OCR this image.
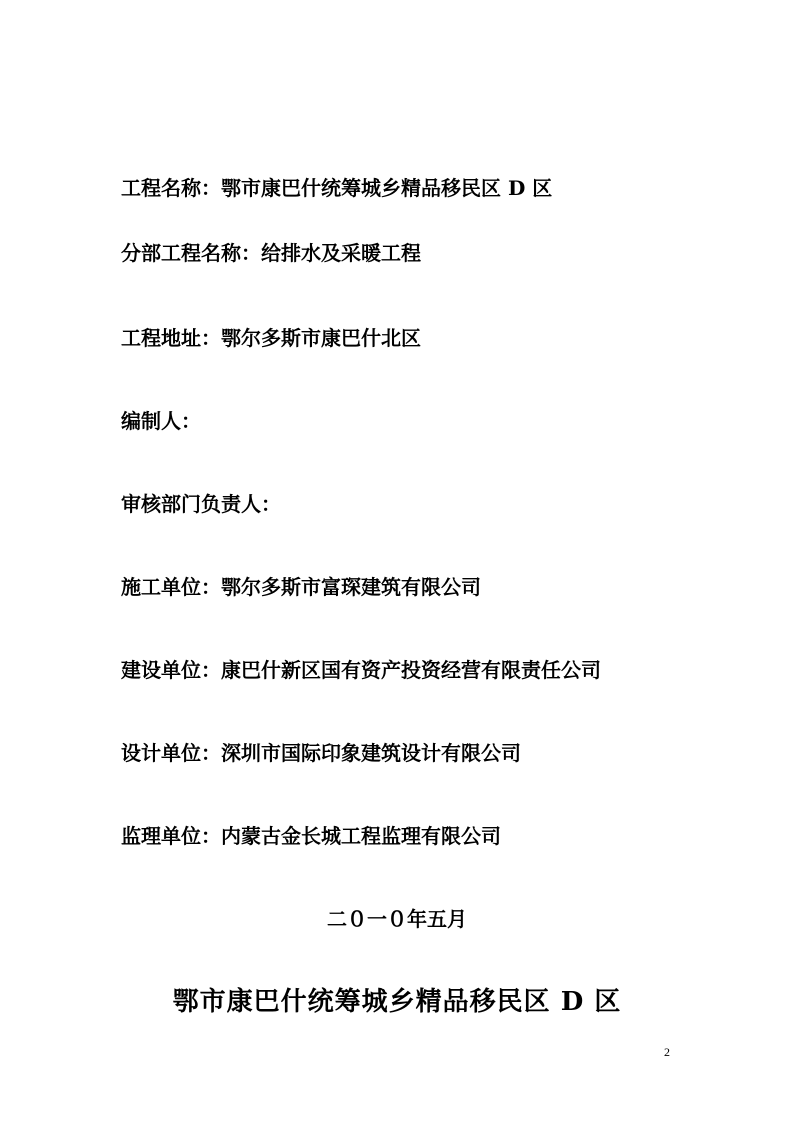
工程名称：鄂市康巴什统筹城乡精品移民区 D 区
分部工程名称：给排水及采暖工程
工程地址：鄂尔多斯市康巴什北区
编制人：
审核部门负责人：
施工单位：鄂尔多斯市富琛建筑有限公司
建设单位：康巴什新区国有资产投资经营有限责任公司
设计单位：深圳市国际印象建筑设计有限公司
监理单位：内蒙古金长城工程监理有限公司
二０一０年五月
鄂市康巴什统筹城乡精品移民区 D 区
2
